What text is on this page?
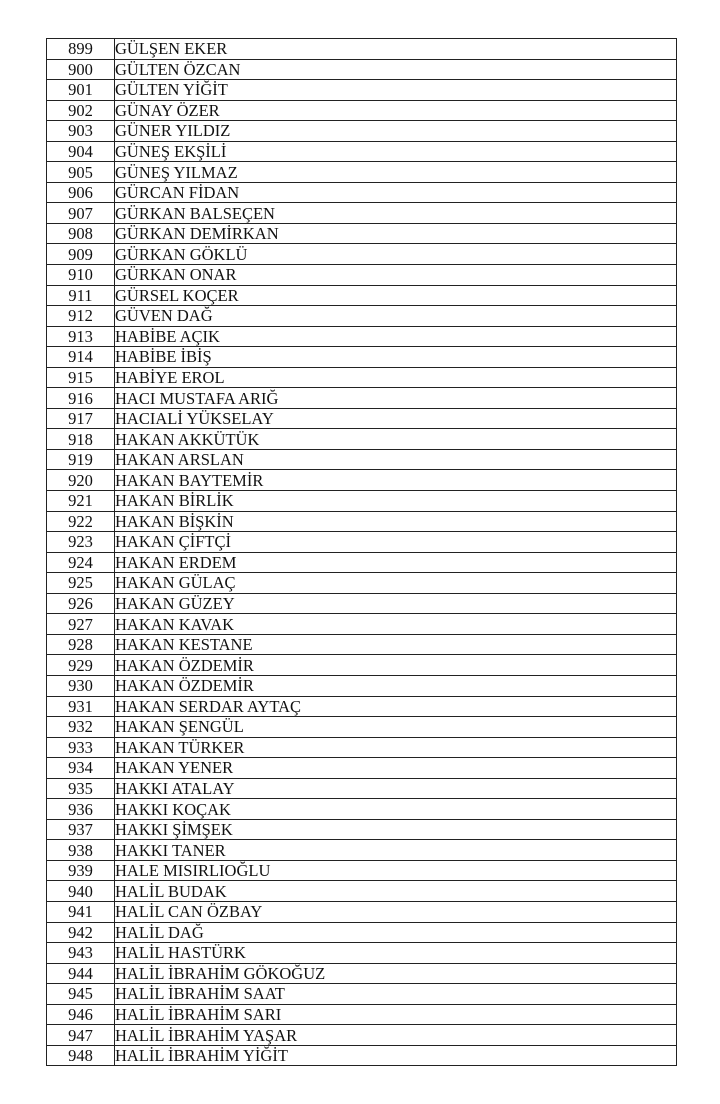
899	GÜLŞEN EKER
900	GÜLTEN ÖZCAN
901	GÜLTEN YİĞİT
902	GÜNAY ÖZER
903	GÜNER YILDIZ
904	GÜNEŞ EKŞİLİ
905	GÜNEŞ YILMAZ
906	GÜRCAN FİDAN
907	GÜRKAN BALSEÇEN
908	GÜRKAN DEMİRKAN
909	GÜRKAN GÖKLÜ
910	GÜRKAN ONAR
911	GÜRSEL KOÇER
912	GÜVEN DAĞ
913	HABİBE AÇIK
914	HABİBE İBİŞ
915	HABİYE EROL
916	HACI MUSTAFA ARIĞ
917	HACIALİ YÜKSELAY
918	HAKAN AKKÜTÜK
919	HAKAN ARSLAN
920	HAKAN BAYTEMİR
921	HAKAN BİRLİK
922	HAKAN BİŞKİN
923	HAKAN ÇİFTÇİ
924	HAKAN ERDEM
925	HAKAN GÜLAÇ
926	HAKAN GÜZEY
927	HAKAN KAVAK
928	HAKAN KESTANE
929	HAKAN ÖZDEMİR
930	HAKAN ÖZDEMİR
931	HAKAN SERDAR AYTAÇ
932	HAKAN ŞENGÜL
933	HAKAN TÜRKER
934	HAKAN YENER
935	HAKKI ATALAY
936	HAKKI KOÇAK
937	HAKKI ŞİMŞEK
938	HAKKI TANER
939	HALE MISIRLIOĞLU
940	HALİL BUDAK
941	HALİL CAN ÖZBAY
942	HALİL DAĞ
943	HALİL HASTÜRK
944	HALİL İBRAHİM GÖKOĞUZ
945	HALİL İBRAHİM SAAT
946	HALİL İBRAHİM SARI
947	HALİL İBRAHİM YAŞAR
948	HALİL İBRAHİM YİĞİT
